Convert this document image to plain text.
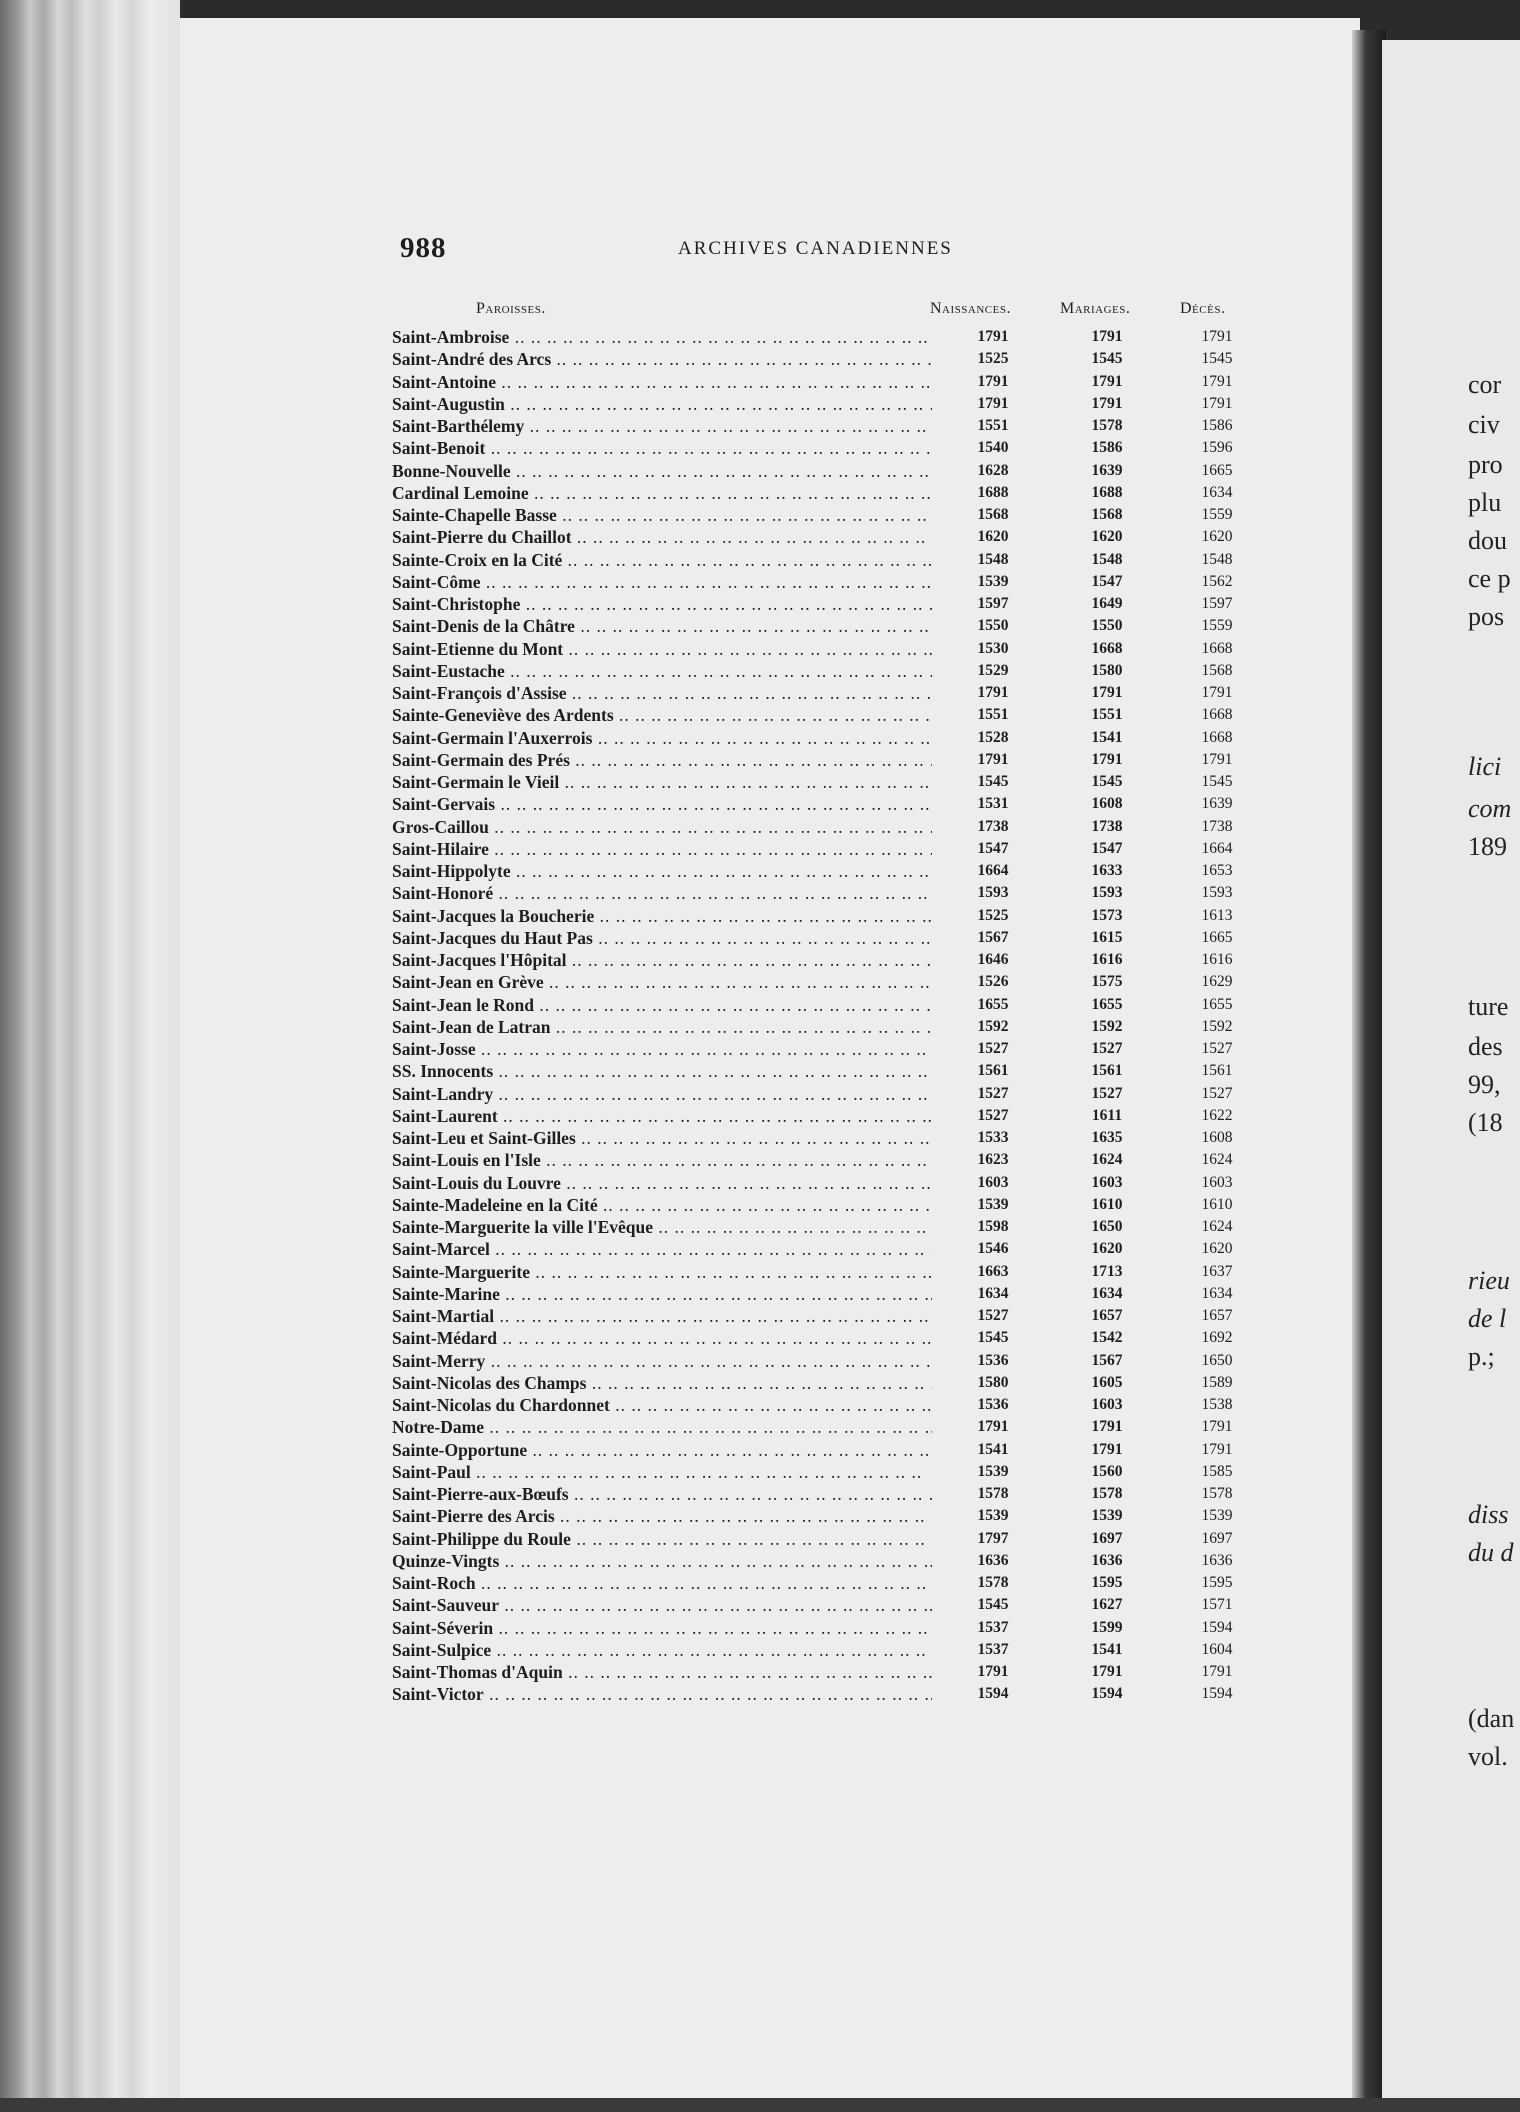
cor
civ
pro
plu
dou
ce p
pos
lici
com
189
ture
des
99,
(18
rieu
de l
p.;
diss
du d
(dan
vol.
988	ARCHIVES CANADIENNES
Paroisses.	Naissances.	Mariages.	Décès.
Saint-Ambroise .. ..	1791	1791	1791
Saint-André des Arcs .. ..	1525	1545	1545
Saint-Antoine .. ..	1791	1791	1791
Saint-Augustin .. ..	1791	1791	1791
Saint-Barthélemy .. ..	1551	1578	1586
Saint-Benoit .. ..	1540	1586	1596
Bonne-Nouvelle .. ..	1628	1639	1665
Cardinal Lemoine .. ..	1688	1688	1634
Sainte-Chapelle Basse .. ..	1568	1568	1559
Saint-Pierre du Chaillot .. ..	1620	1620	1620
Sainte-Croix en la Cité .. ..	1548	1548	1548
Saint-Côme .. ..	1539	1547	1562
Saint-Christophe .. ..	1597	1649	1597
Saint-Denis de la Châtre .. ..	1550	1550	1559
Saint-Etienne du Mont .. ..	1530	1668	1668
Saint-Eustache .. ..	1529	1580	1568
Saint-François d'Assise .. ..	1791	1791	1791
Sainte-Geneviève des Ardents .. ..	1551	1551	1668
Saint-Germain l'Auxerrois .. ..	1528	1541	1668
Saint-Germain des Prés .. ..	1791	1791	1791
Saint-Germain le Vieil .. ..	1545	1545	1545
Saint-Gervais .. ..	1531	1608	1639
Gros-Caillou .. ..	1738	1738	1738
Saint-Hilaire .. ..	1547	1547	1664
Saint-Hippolyte .. ..	1664	1633	1653
Saint-Honoré .. ..	1593	1593	1593
Saint-Jacques la Boucherie .. ..	1525	1573	1613
Saint-Jacques du Haut Pas .. ..	1567	1615	1665
Saint-Jacques l'Hôpital .. ..	1646	1616	1616
Saint-Jean en Grève .. ..	1526	1575	1629
Saint-Jean le Rond .. ..	1655	1655	1655
Saint-Jean de Latran .. ..	1592	1592	1592
Saint-Josse .. ..	1527	1527	1527
SS. Innocents .. ..	1561	1561	1561
Saint-Landry .. ..	1527	1527	1527
Saint-Laurent .. ..	1527	1611	1622
Saint-Leu et Saint-Gilles .. ..	1533	1635	1608
Saint-Louis en l'Isle .. ..	1623	1624	1624
Saint-Louis du Louvre .. ..	1603	1603	1603
Sainte-Madeleine en la Cité .. ..	1539	1610	1610
Sainte-Marguerite la ville l'Evêque .. ..	1598	1650	1624
Saint-Marcel .. ..	1546	1620	1620
Sainte-Marguerite .. ..	1663	1713	1637
Sainte-Marine .. ..	1634	1634	1634
Saint-Martial .. ..	1527	1657	1657
Saint-Médard .. ..	1545	1542	1692
Saint-Merry .. ..	1536	1567	1650
Saint-Nicolas des Champs .. ..	1580	1605	1589
Saint-Nicolas du Chardonnet .. ..	1536	1603	1538
Notre-Dame .. ..	1791	1791	1791
Sainte-Opportune .. ..	1541	1791	1791
Saint-Paul .. ..	1539	1560	1585
Saint-Pierre-aux-Bœufs .. ..	1578	1578	1578
Saint-Pierre des Arcis .. ..	1539	1539	1539
Saint-Philippe du Roule .. ..	1797	1697	1697
Quinze-Vingts .. ..	1636	1636	1636
Saint-Roch .. ..	1578	1595	1595
Saint-Sauveur .. ..	1545	1627	1571
Saint-Séverin .. ..	1537	1599	1594
Saint-Sulpice .. ..	1537	1541	1604
Saint-Thomas d'Aquin .. ..	1791	1791	1791
Saint-Victor .. ..	1594	1594	1594
